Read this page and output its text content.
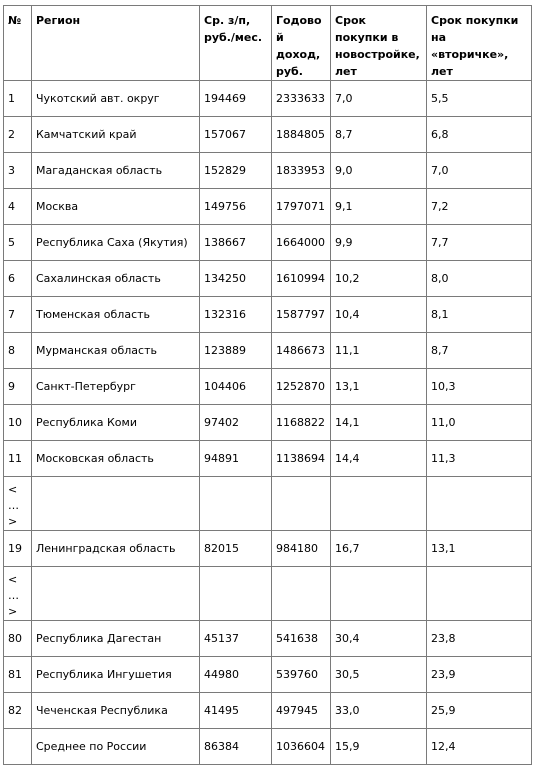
№	Регион	Ср. з/п, руб./мес.	Годовой доход, руб.	Срок покупки в новостройке, лет	Срок покупки на «вторичке», лет
1	Чукотский авт. округ	194469	2333633	7,0	5,5
2	Камчатский край	157067	1884805	8,7	6,8
3	Магаданская область	152829	1833953	9,0	7,0
4	Москва	149756	1797071	9,1	7,2
5	Республика Саха (Якутия)	138667	1664000	9,9	7,7
6	Сахалинская область	134250	1610994	10,2	8,0
7	Тюменская область	132316	1587797	10,4	8,1
8	Мурманская область	123889	1486673	11,1	8,7
9	Санкт-Петербург	104406	1252870	13,1	10,3
10	Республика Коми	97402	1168822	14,1	11,0
11	Московская область	94891	1138694	14,4	11,3
<…>					
19	Ленинградская область	82015	984180	16,7	13,1
<…>					
80	Республика Дагестан	45137	541638	30,4	23,8
81	Республика Ингушетия	44980	539760	30,5	23,9
82	Чеченская Республика	41495	497945	33,0	25,9
	Среднее по России	86384	1036604	15,9	12,4
